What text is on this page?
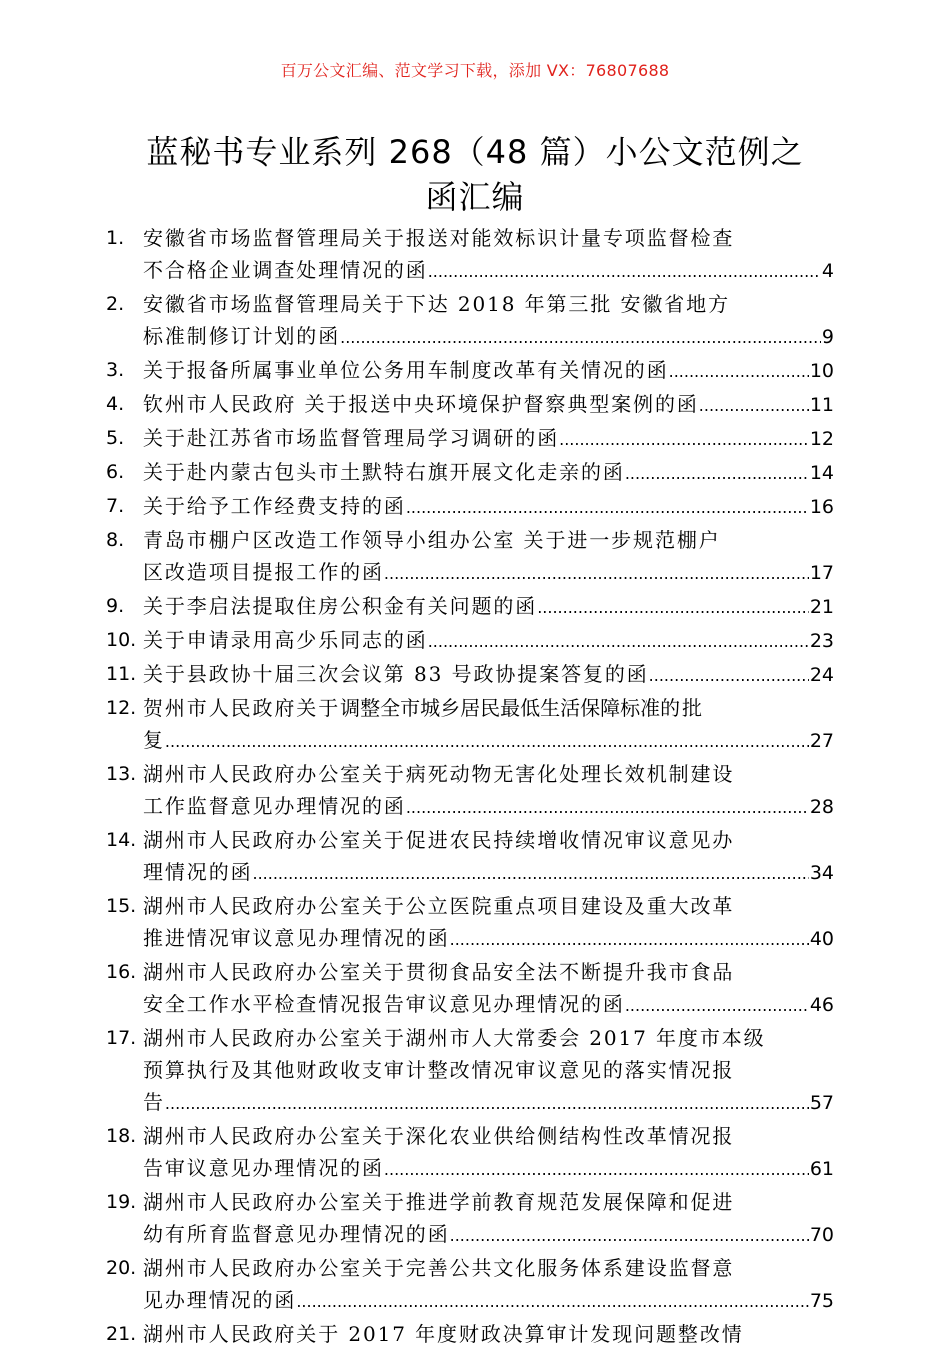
百万公文汇编、范文学习下载，添加 VX：76807688
蓝秘书专业系列 268（48 篇）小公文范例之
函汇编
1. 安徽省市场监督管理局关于报送对能效标识计量专项监督检查
不合格企业调查处理情况的函 .....	4
2. 安徽省市场监督管理局关于下达 2018 年第三批 安徽省地方
标准制修订计划的函 .....	9
3. 关于报备所属事业单位公务用车制度改革有关情况的函 .....	10
4. 钦州市人民政府 关于报送中央环境保护督察典型案例的函 .....	11
5. 关于赴江苏省市场监督管理局学习调研的函 .....	12
6. 关于赴内蒙古包头市土默特右旗开展文化走亲的函 .....	14
7. 关于给予工作经费支持的函 .....	16
8. 青岛市棚户区改造工作领导小组办公室 关于进一步规范棚户
区改造项目提报工作的函 .....	17
9. 关于李启法提取住房公积金有关问题的函 .....	21
10. 关于申请录用高少乐同志的函 .....	23
11. 关于县政协十届三次会议第 83 号政协提案答复的函 .....	24
12. 贺州市人民政府关于调整全市城乡居民最低生活保障标准的批
复 .....	27
13. 湖州市人民政府办公室关于病死动物无害化处理长效机制建设
工作监督意见办理情况的函 .....	28
14. 湖州市人民政府办公室关于促进农民持续增收情况审议意见办
理情况的函 .....	34
15. 湖州市人民政府办公室关于公立医院重点项目建设及重大改革
推进情况审议意见办理情况的函 .....	40
16. 湖州市人民政府办公室关于贯彻食品安全法不断提升我市食品
安全工作水平检查情况报告审议意见办理情况的函 .....	46
17. 湖州市人民政府办公室关于湖州市人大常委会 2017 年度市本级
预算执行及其他财政收支审计整改情况审议意见的落实情况报
告 .....	57
18. 湖州市人民政府办公室关于深化农业供给侧结构性改革情况报
告审议意见办理情况的函 .....	61
19. 湖州市人民政府办公室关于推进学前教育规范发展保障和促进
幼有所育监督意见办理情况的函 .....	70
20. 湖州市人民政府办公室关于完善公共文化服务体系建设监督意
见办理情况的函 .....	75
21. 湖州市人民政府关于 2017 年度财政决算审计发现问题整改情
